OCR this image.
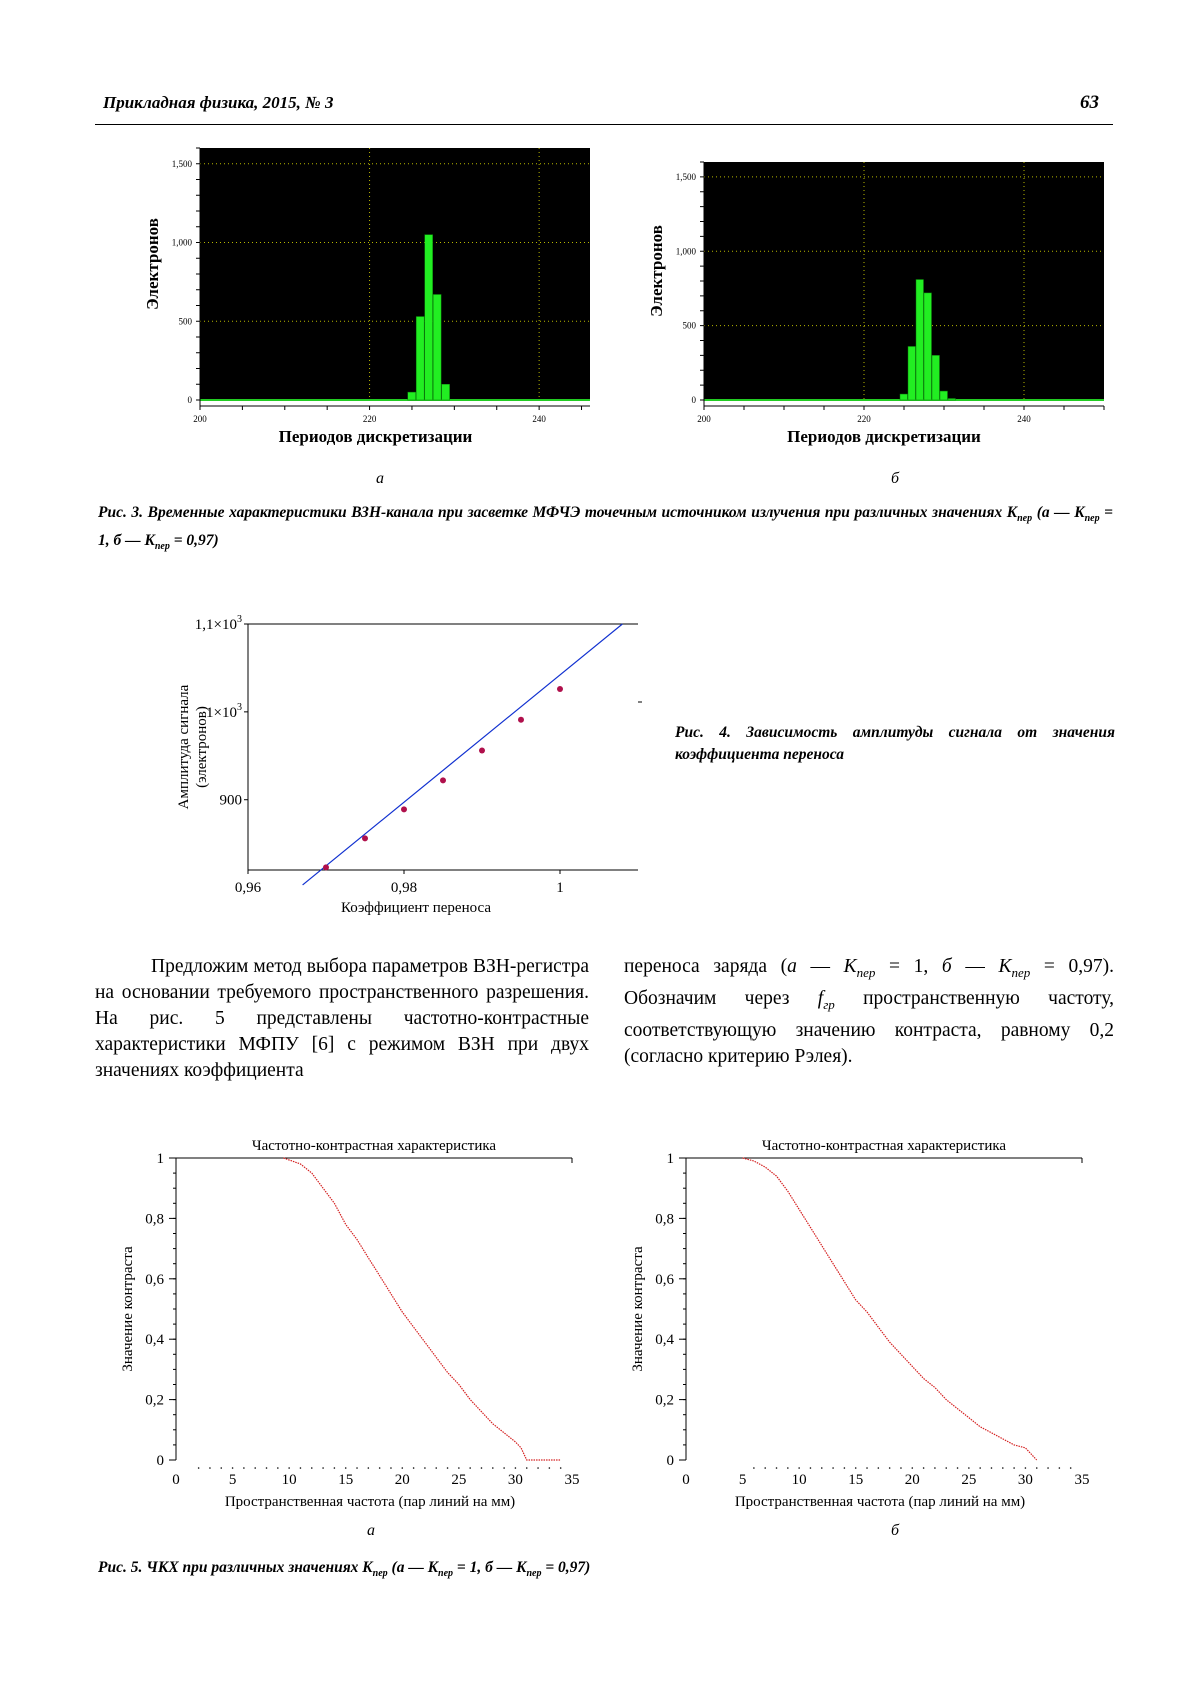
Прикладная физика, 2015, № 3	63
0
500
1,000
1,500
200	220	240
Периодов дискретизации
Электронов
0
500
1,000
1,500
200	220	240
Периодов дискретизации
Электронов
а	б
Рис. 3. Временные характеристики ВЗН-канала при засветке МФЧЭ точечным источником излучения при различных значениях $K_{пер}$ (а — $K_{пер} = 1$, б — $K_{пер} = 0,97$)
900
$1\times 10^3$
$1,1\times 10^3$
0,96	0,98	1
Коэффициент переноса
Амплитуда сигнала (электронов)	Рис. 4. Зависимость амплитуды сигнала от значения коэффициента переноса

Предложим метод выбора параметров ВЗН-регистра на основании требуемого пространственного разрешения. На рис. 5 представлены частотно-контрастные характеристики МФПУ [6] с режимом ВЗН при двух значениях коэффициента

переноса заряда (а — $K_{пер} = 1$, б — $K_{пер} = 0,97$). Обозначим через $f_{гр}$ пространственную частоту, соответствующую значению контраста, равному 0,2 (согласно критерию Рэлея).
Частотно-контрастная характеристика
0
0,2
0,4
0,6
0,8
1
0	5	10	15	20	25	30	35
Пространственная частота (пар линий на мм)
Значение контраста
Частотно-контрастная характеристика
0
0,2
0,4
0,6
0,8
1
0	5	10	15	20	25	30	35
Пространственная частота (пар линий на мм)
Значение контраста
а	б
Рис. 5. ЧКХ при различных значениях $K_{пер}$ (а — $K_{пер} = 1$, б — $K_{пер} = 0,97$)
